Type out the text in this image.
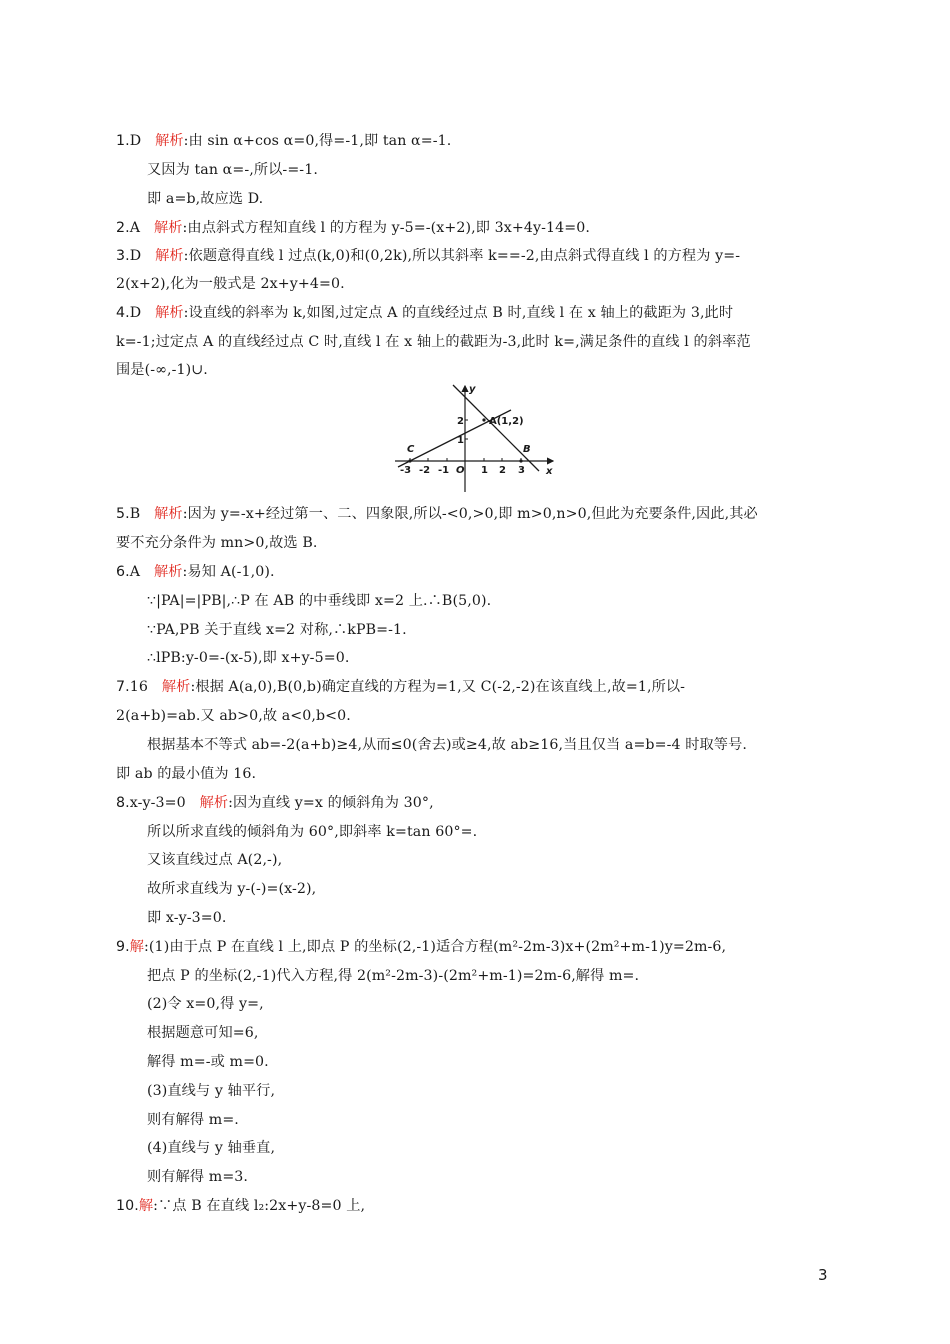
1.D 解析:由 sin α+cos α=0,得=-1,即 tan α=-1.
又因为 tan α=-,所以-=-1.
即 a=b,故应选 D.
2.A 解析:由点斜式方程知直线 l 的方程为 y-5=-(x+2),即 3x+4y-14=0.
3.D 解析:依题意得直线 l 过点(k,0)和(0,2k),所以其斜率 k==-2,由点斜式得直线 l 的方程为 y=-
2(x+2),化为一般式是 2x+y+4=0.
4.D 解析:设直线的斜率为 k,如图,过定点 A 的直线经过点 B 时,直线 l 在 x 轴上的截距为 3,此时
k=-1;过定点 A 的直线经过点 C 时,直线 l 在 x 轴上的截距为-3,此时 k=,满足条件的直线 l 的斜率范
围是(-∞,-1)∪.
y
x
A(1,2)
B
C
O
-3 -2 -1	1 2 3
1
2
5.B 解析:因为 y=-x+经过第一、二、四象限,所以-<0,>0,即 m>0,n>0,但此为充要条件,因此,其必
要不充分条件为 mn>0,故选 B.
6.A 解析:易知 A(-1,0).
∵|PA|=|PB|,∴P 在 AB 的中垂线即 x=2 上.∴B(5,0).
∵PA,PB 关于直线 x=2 对称,∴kPB=-1.
∴lPB:y-0=-(x-5),即 x+y-5=0.
7.16 解析:根据 A(a,0),B(0,b)确定直线的方程为=1,又 C(-2,-2)在该直线上,故=1,所以-
2(a+b)=ab.又 ab>0,故 a<0,b<0.
根据基本不等式 ab=-2(a+b)≥4,从而≤0(舍去)或≥4,故 ab≥16,当且仅当 a=b=-4 时取等号.
即 ab 的最小值为 16.
8.x-y-3=0 解析:因为直线 y=x 的倾斜角为 30°,
所以所求直线的倾斜角为 60°,即斜率 k=tan 60°=.
又该直线过点 A(2,-),
故所求直线为 y-(-)=(x-2),
即 x-y-3=0.
9.解:(1)由于点 P 在直线 l 上,即点 P 的坐标(2,-1)适合方程(m²-2m-3)x+(2m²+m-1)y=2m-6,
把点 P 的坐标(2,-1)代入方程,得 2(m²-2m-3)-(2m²+m-1)=2m-6,解得 m=.
(2)令 x=0,得 y=,
根据题意可知=6,
解得 m=-或 m=0.
(3)直线与 y 轴平行,
则有解得 m=.
(4)直线与 y 轴垂直,
则有解得 m=3.
10.解:∵点 B 在直线 l₂:2x+y-8=0 上,
3
